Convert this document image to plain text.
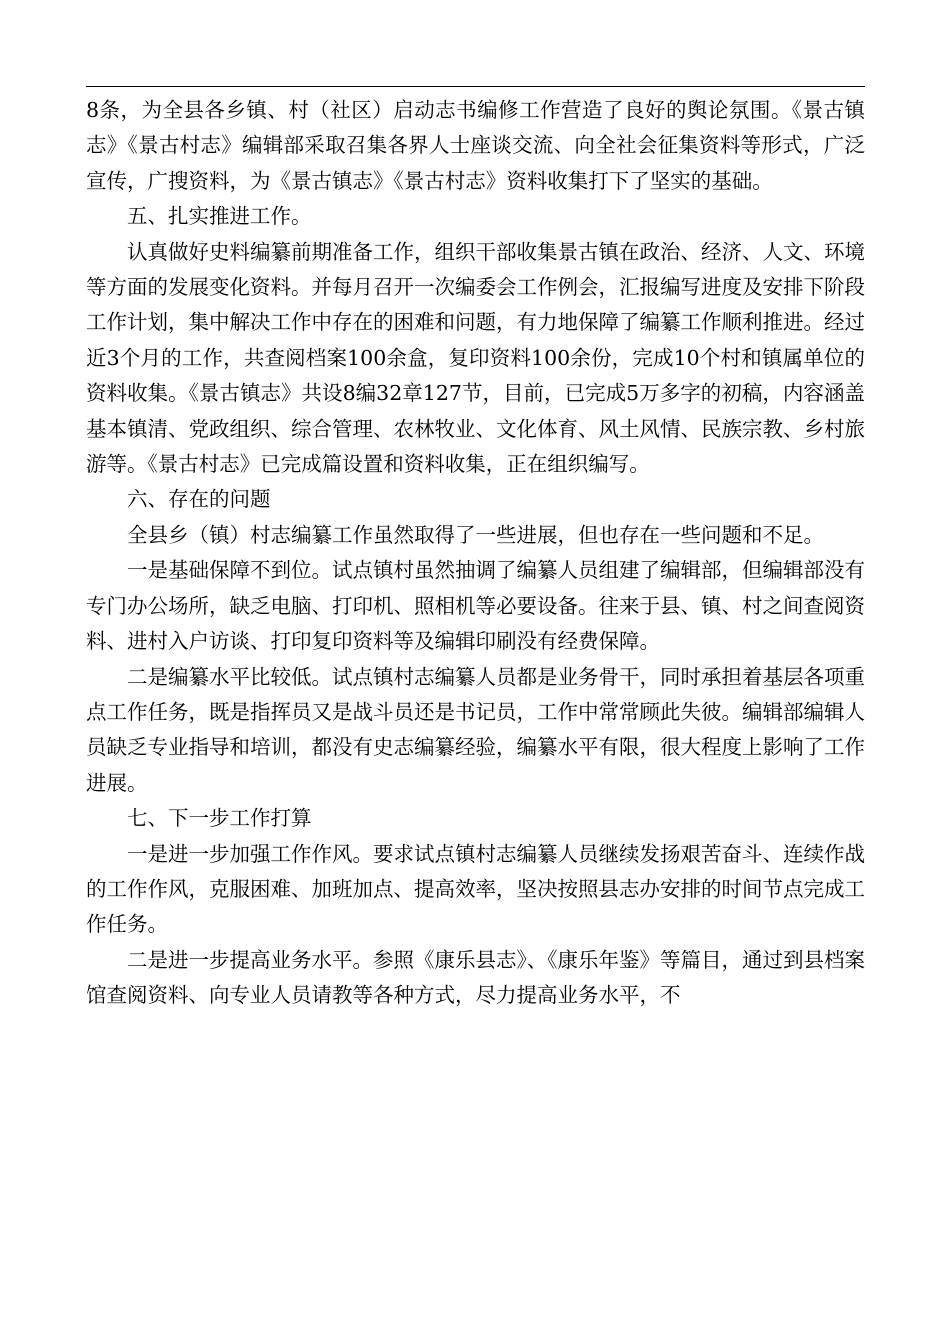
8条，为全县各乡镇、村（社区）启动志书编修工作营造了良好的舆论氛围。《景古镇志》《景古村志》编辑部采取召集各界人士座谈交流、向全社会征集资料等形式，广泛宣传，广搜资料，为《景古镇志》《景古村志》资料收集打下了坚实的基础。

五、扎实推进工作。

认真做好史料编纂前期准备工作，组织干部收集景古镇在政治、经济、人文、环境等方面的发展变化资料。并每月召开一次编委会工作例会，汇报编写进度及安排下阶段工作计划，集中解决工作中存在的困难和问题，有力地保障了编纂工作顺利推进。经过近3个月的工作，共查阅档案100余盒，复印资料100余份，完成10个村和镇属单位的资料收集。《景古镇志》共设8编32章127节，目前，已完成5万多字的初稿，内容涵盖基本镇清、党政组织、综合管理、农林牧业、文化体育、风土风情、民族宗教、乡村旅游等。《景古村志》已完成篇设置和资料收集，正在组织编写。

六、存在的问题

全县乡（镇）村志编纂工作虽然取得了一些进展，但也存在一些问题和不足。

一是基础保障不到位。试点镇村虽然抽调了编纂人员组建了编辑部，但编辑部没有专门办公场所，缺乏电脑、打印机、照相机等必要设备。往来于县、镇、村之间查阅资料、进村入户访谈、打印复印资料等及编辑印刷没有经费保障。

二是编纂水平比较低。试点镇村志编纂人员都是业务骨干，同时承担着基层各项重点工作任务，既是指挥员又是战斗员还是书记员，工作中常常顾此失彼。编辑部编辑人员缺乏专业指导和培训，都没有史志编纂经验，编纂水平有限，很大程度上影响了工作进展。

七、下一步工作打算

一是进一步加强工作作风。要求试点镇村志编纂人员继续发扬艰苦奋斗、连续作战的工作作风，克服困难、加班加点、提高效率，坚决按照县志办安排的时间节点完成工作任务。

二是进一步提高业务水平。参照《康乐县志》、《康乐年鉴》等篇目，通过到县档案馆查阅资料、向专业人员请教等各种方式，尽力提高业务水平，不
